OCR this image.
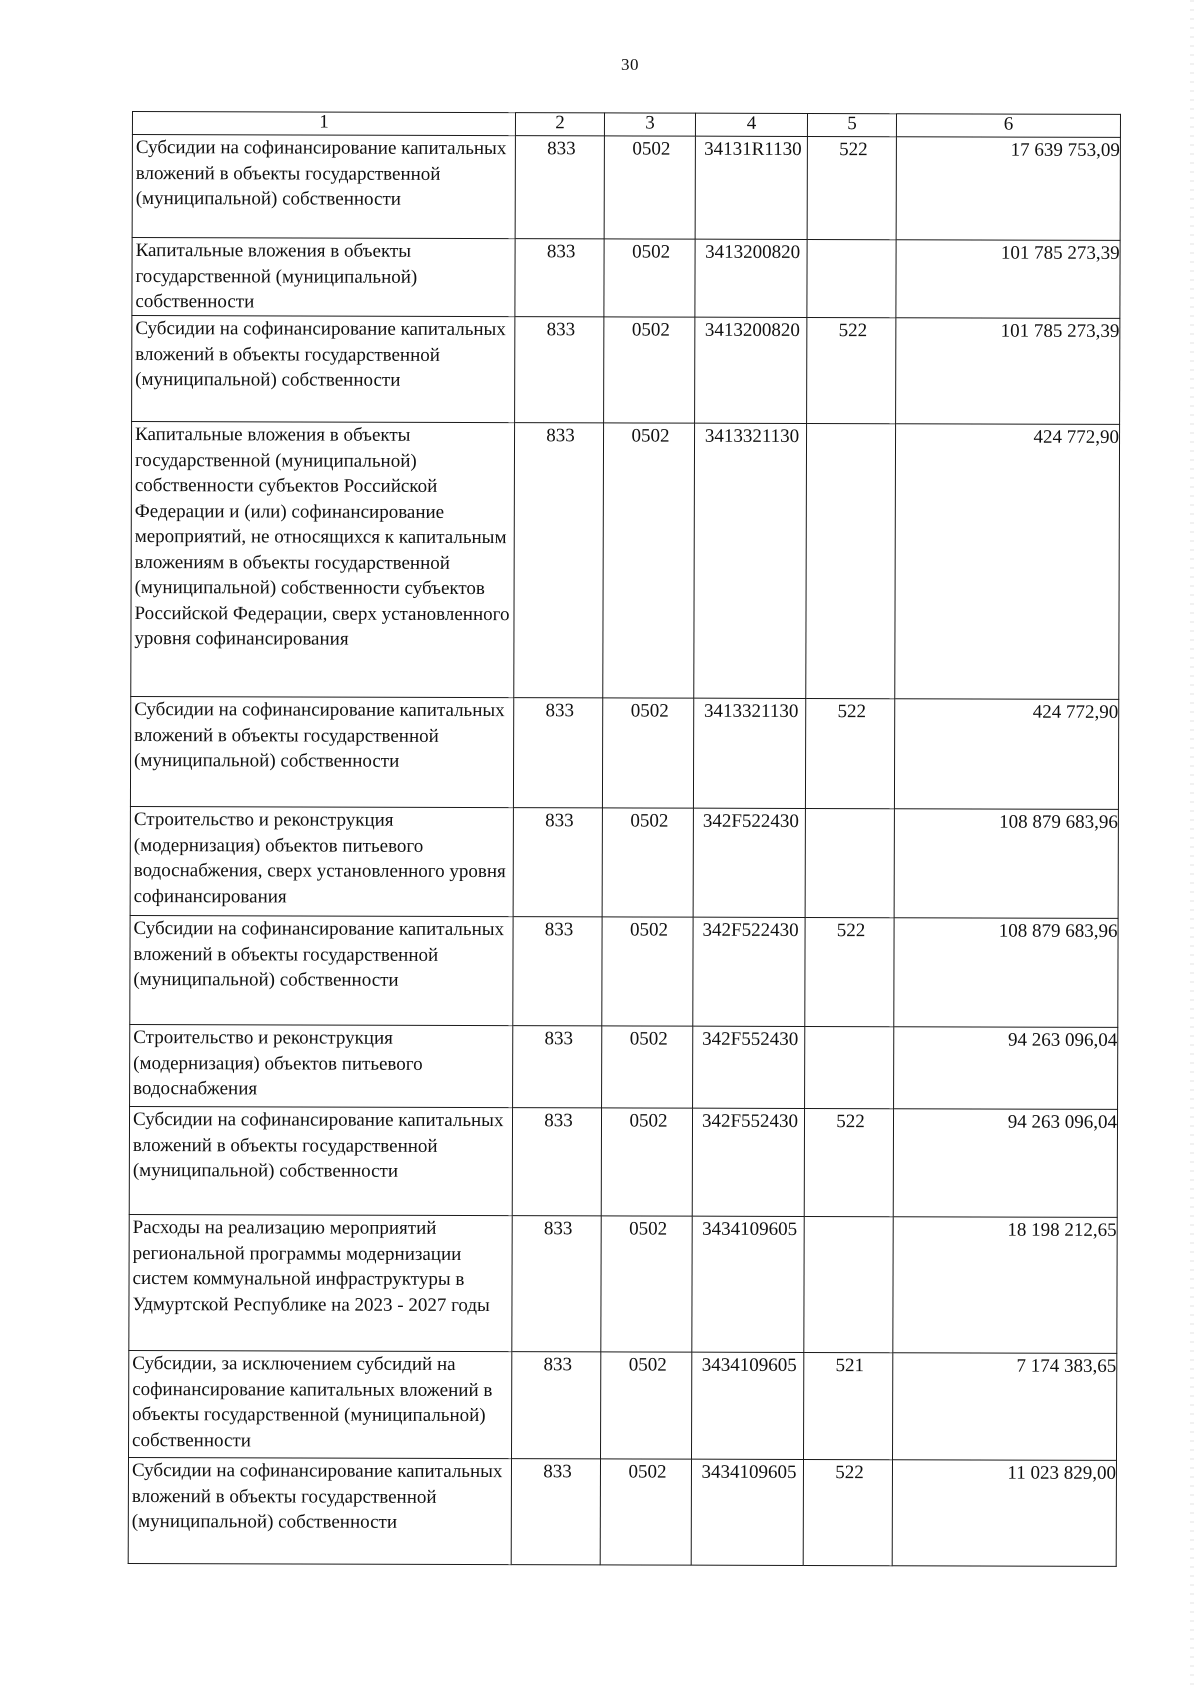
30
1	2	3	4	5	6
Субсидии на софинансирование капитальных вложений в объекты государственной (муниципальной) собственности	833	0502	34131R1130	522	17 639 753,09
Капитальные вложения в объекты государственной (муниципальной) собственности	833	0502	3413200820		101 785 273,39
Субсидии на софинансирование капитальных вложений в объекты государственной (муниципальной) собственности	833	0502	3413200820	522	101 785 273,39
Капитальные вложения в объекты государственной (муниципальной) собственности субъектов Российской Федерации и (или) софинансирование мероприятий, не относящихся к капитальным вложениям в объекты государственной (муниципальной) собственности субъектов Российской Федерации, сверх установленного уровня софинансирования	833	0502	3413321130		424 772,90
Субсидии на софинансирование капитальных вложений в объекты государственной (муниципальной) собственности	833	0502	3413321130	522	424 772,90
Строительство и реконструкция (модернизация) объектов питьевого водоснабжения, сверх установленного уровня софинансирования	833	0502	342F522430		108 879 683,96
Субсидии на софинансирование капитальных вложений в объекты государственной (муниципальной) собственности	833	0502	342F522430	522	108 879 683,96
Строительство и реконструкция (модернизация) объектов питьевого водоснабжения	833	0502	342F552430		94 263 096,04
Субсидии на софинансирование капитальных вложений в объекты государственной (муниципальной) собственности	833	0502	342F552430	522	94 263 096,04
Расходы на реализацию мероприятий региональной программы модернизации систем коммунальной инфраструктуры в Удмуртской Республике на 2023 - 2027 годы	833	0502	3434109605		18 198 212,65
Субсидии, за исключением субсидий на софинансирование капитальных вложений в объекты государственной (муниципальной) собственности	833	0502	3434109605	521	7 174 383,65
Субсидии на софинансирование капитальных вложений в объекты государственной (муниципальной) собственности	833	0502	3434109605	522	11 023 829,00
